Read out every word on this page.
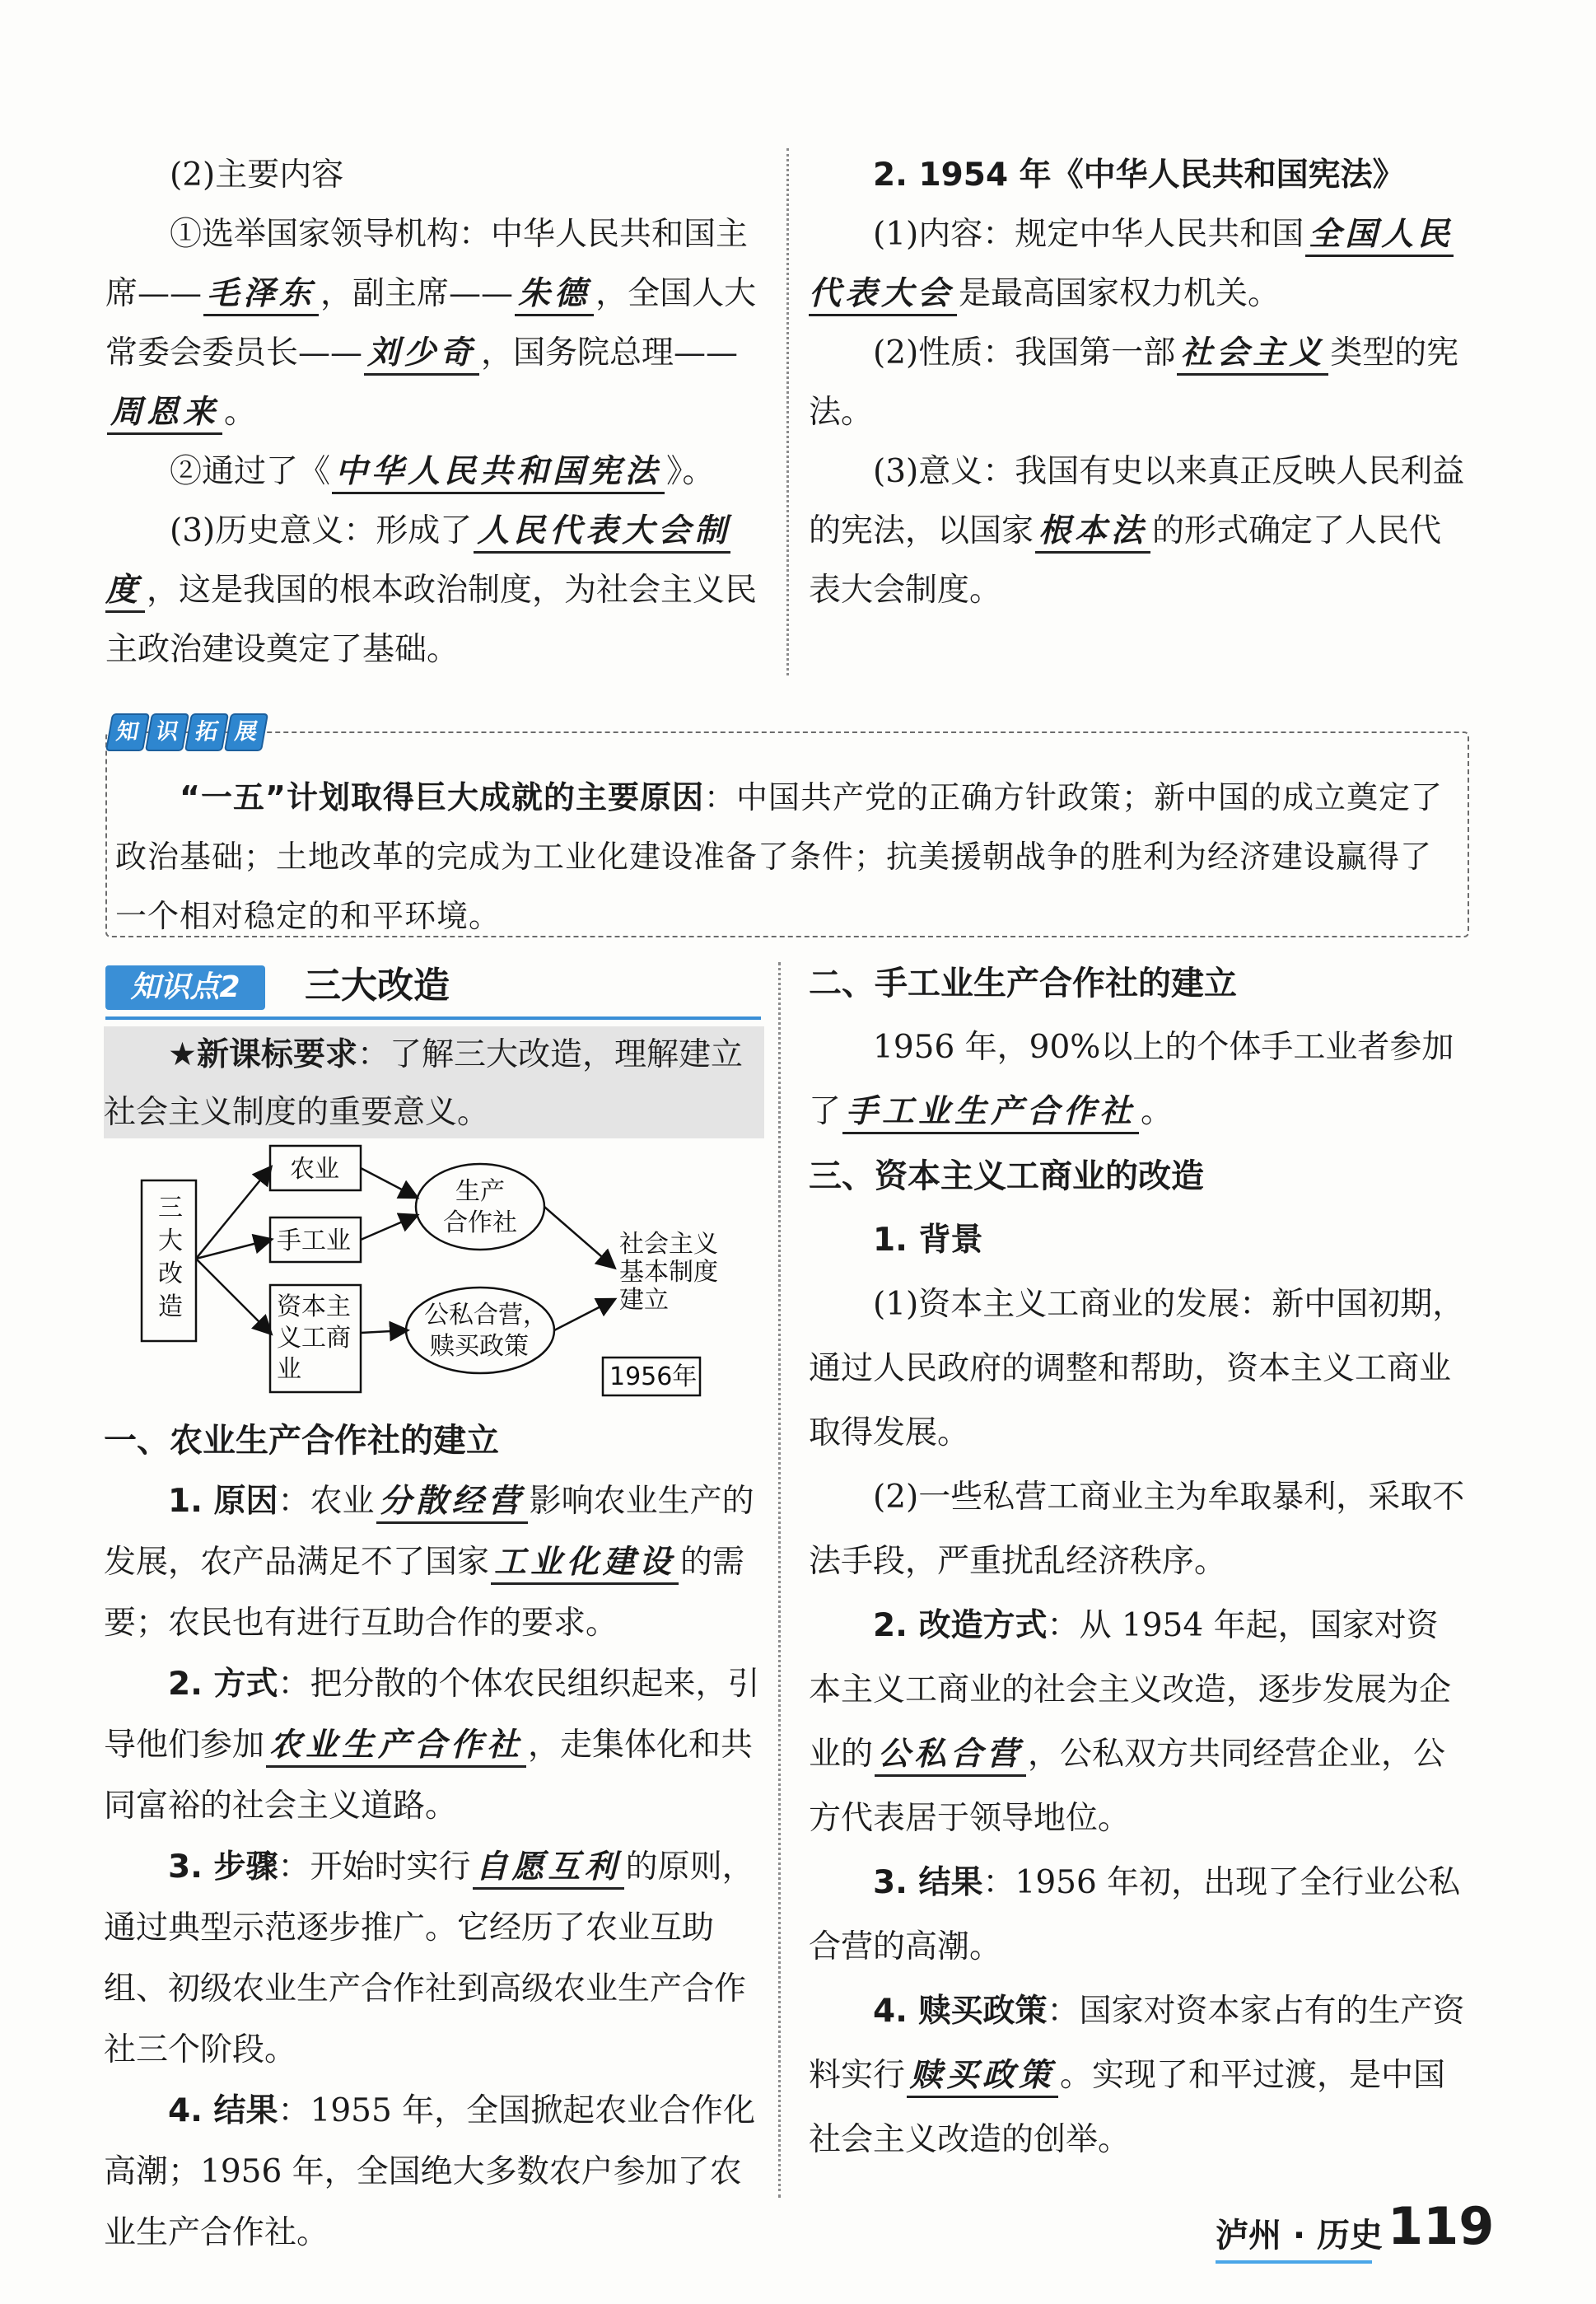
(2)主要内容

①选举国家领导机构：中华人民共和国主席—— 毛泽东 ，副主席—— 朱德 ，全国人大常委会委员长—— 刘少奇 ，国务院总理——周恩来 。

②通过了《 中华人民共和国宪法 》。

(3)历史意义：形成了 人民代表大会制度 ，这是我国的根本政治制度，为社会主义民主政治建设奠定了基础。

2. 1954 年《中华人民共和国宪法》

(1)内容：规定中华人民共和国 全国人民代表大会 是最高国家权力机关。

(2)性质：我国第一部 社会主义 类型的宪法。

(3)意义：我国有史以来真正反映人民利益的宪法，以国家 根本法 的形式确定了人民代表大会制度。

知 识 拓 展

“一五”计划取得巨大成就的主要原因：中国共产党的正确方针政策；新中国的成立奠定了政治基础；土地改革的完成为工业化建设准备了条件；抗美援朝战争的胜利为经济建设赢得了一个相对稳定的和平环境。

知识点2	三大改造

★新课标要求：了解三大改造，理解建立社会主义制度的重要意义。

三
大
改
造
农业
手工业
资本主
义工商
业
生产
合作社
公私合营，
赎买政策
社会主义
基本制度
建立
1956年

一、农业生产合作社的建立

1. 原因：农业 分散经营 影响农业生产的发展，农产品满足不了国家 工业化建设 的需要；农民也有进行互助合作的要求。

2. 方式：把分散的个体农民组织起来，引导他们参加 农业生产合作社 ，走集体化和共同富裕的社会主义道路。

3. 步骤：开始时实行 自愿互利 的原则，通过典型示范逐步推广。它经历了农业互助组、初级农业生产合作社到高级农业生产合作社三个阶段。

4. 结果：1955 年，全国掀起农业合作化高潮；1956 年，全国绝大多数农户参加了农业生产合作社。

二、手工业生产合作社的建立

1956 年，90%以上的个体手工业者参加了 手工业生产合作社 。

三、资本主义工商业的改造

1. 背景

(1)资本主义工商业的发展：新中国初期，通过人民政府的调整和帮助，资本主义工商业取得发展。

(2)一些私营工商业主为牟取暴利，采取不法手段，严重扰乱经济秩序。

2. 改造方式：从 1954 年起，国家对资本主义工商业的社会主义改造，逐步发展为企业的 公私合营 ，公私双方共同经营企业，公方代表居于领导地位。

3. 结果：1956 年初，出现了全行业公私合营的高潮。

4. 赎买政策：国家对资本家占有的生产资料实行 赎买政策 。实现了和平过渡，是中国社会主义改造的创举。

泸州 · 历史 119
